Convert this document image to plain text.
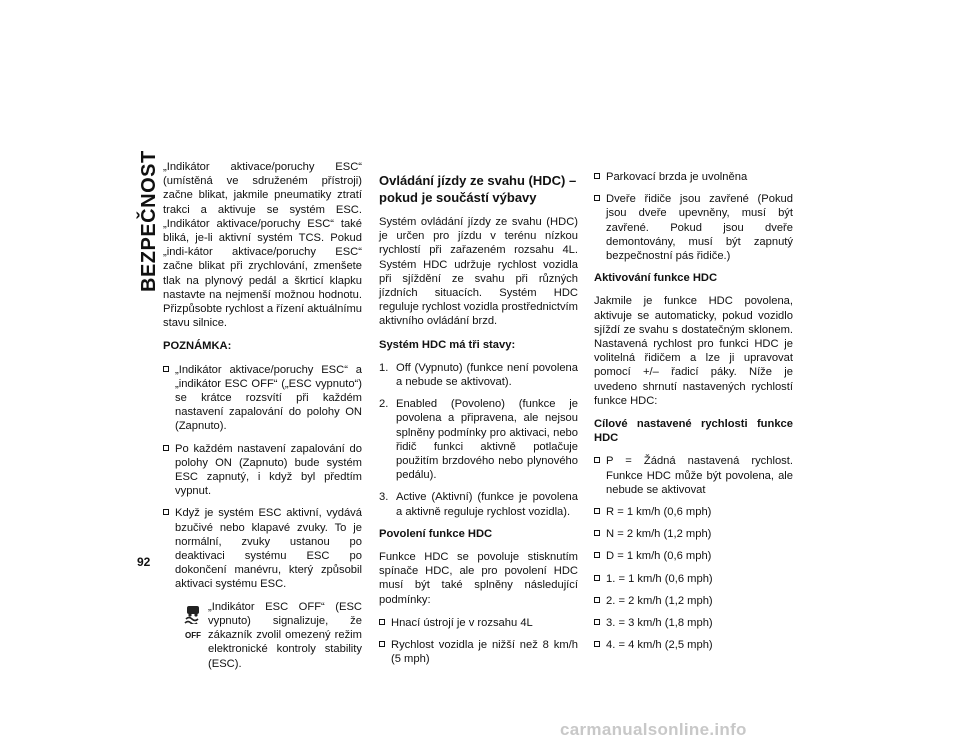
BEZPEČNOST
92

„Indikátor aktivace/poruchy ESC“ (umístěná ve sdruženém přístroji) začne blikat, jakmile pneumatiky ztratí trakci a aktivuje se systém ESC. „Indikátor aktivace/poruchy ESC“ také bliká, je-li aktivní systém TCS. Pokud „indi-kátor aktivace/poruchy ESC“ začne blikat při zrychlování, zmenšete tlak na plynový pedál a škrticí klapku nastavte na nejmenší možnou hodnotu. Přizpůsobte rychlost a řízení aktuálnímu stavu silnice.

POZNÁMKA:

„Indikátor aktivace/poruchy ESC“ a „indikátor ESC OFF“ („ESC vypnuto“) se krátce rozsvítí při každém nastavení zapalování do polohy ON (Zapnuto).
Po každém nastavení zapalování do polohy ON (Zapnuto) bude systém ESC zapnutý, i když byl předtím vypnut.
Když je systém ESC aktivní, vydává bzučivé nebo klapavé zvuky. To je normální, zvuky ustanou po deaktivaci systému ESC po dokončení manévru, který způsobil aktivaci systému ESC.
OFF

„Indikátor ESC OFF“ (ESC vypnuto) signalizuje, že zákazník zvolil omezený režim elektronické kontroly stability (ESC).

Ovládání jízdy ze svahu (HDC) – pokud je součástí výbavy

Systém ovládání jízdy ze svahu (HDC) je určen pro jízdu v terénu nízkou rychlostí při zařazeném rozsahu 4L. Systém HDC udržuje rychlost vozidla při sjíždění ze svahu při různých jízdních situacích. Systém HDC reguluje rychlost vozidla prostřednictvím aktivního ovládání brzd.

Systém HDC má tři stavy:

1. Off (Vypnuto) (funkce není povolena a nebude se aktivovat).
2. Enabled (Povoleno) (funkce je povolena a připravena, ale nejsou splněny podmínky pro aktivaci, nebo řidič funkci aktivně potlačuje použitím brzdového nebo plynového pedálu).
3. Active (Aktivní) (funkce je povolena a aktivně reguluje rychlost vozidla).

Povolení funkce HDC

Funkce HDC se povoluje stisknutím spínače HDC, ale pro povolení HDC musí být také splněny následující podmínky:

Hnací ústrojí je v rozsahu 4L
Rychlost vozidla je nižší než 8 km/h (5 mph)
Parkovací brzda je uvolněna
Dveře řidiče jsou zavřené (Pokud jsou dveře upevněny, musí být zavřené. Pokud jsou dveře demontovány, musí být zapnutý bezpečnostní pás řidiče.)

Aktivování funkce HDC

Jakmile je funkce HDC povolena, aktivuje se automaticky, pokud vozidlo sjíždí ze svahu s dostatečným sklonem. Nastavená rychlost pro funkci HDC je volitelná řidičem a lze ji upravovat pomocí +/– řadicí páky. Níže je uvedeno shrnutí nastavených rychlostí funkce HDC:

Cílové nastavené rychlosti funkce HDC

P = Žádná nastavená rychlost. Funkce HDC může být povolena, ale nebude se aktivovat
R = 1 km/h (0,6 mph)
N = 2 km/h (1,2 mph)
D = 1 km/h (0,6 mph)
1. = 1 km/h (0,6 mph)
2. = 2 km/h (1,2 mph)
3. = 3 km/h (1,8 mph)
4. = 4 km/h (2,5 mph)
carmanualsonline.info
